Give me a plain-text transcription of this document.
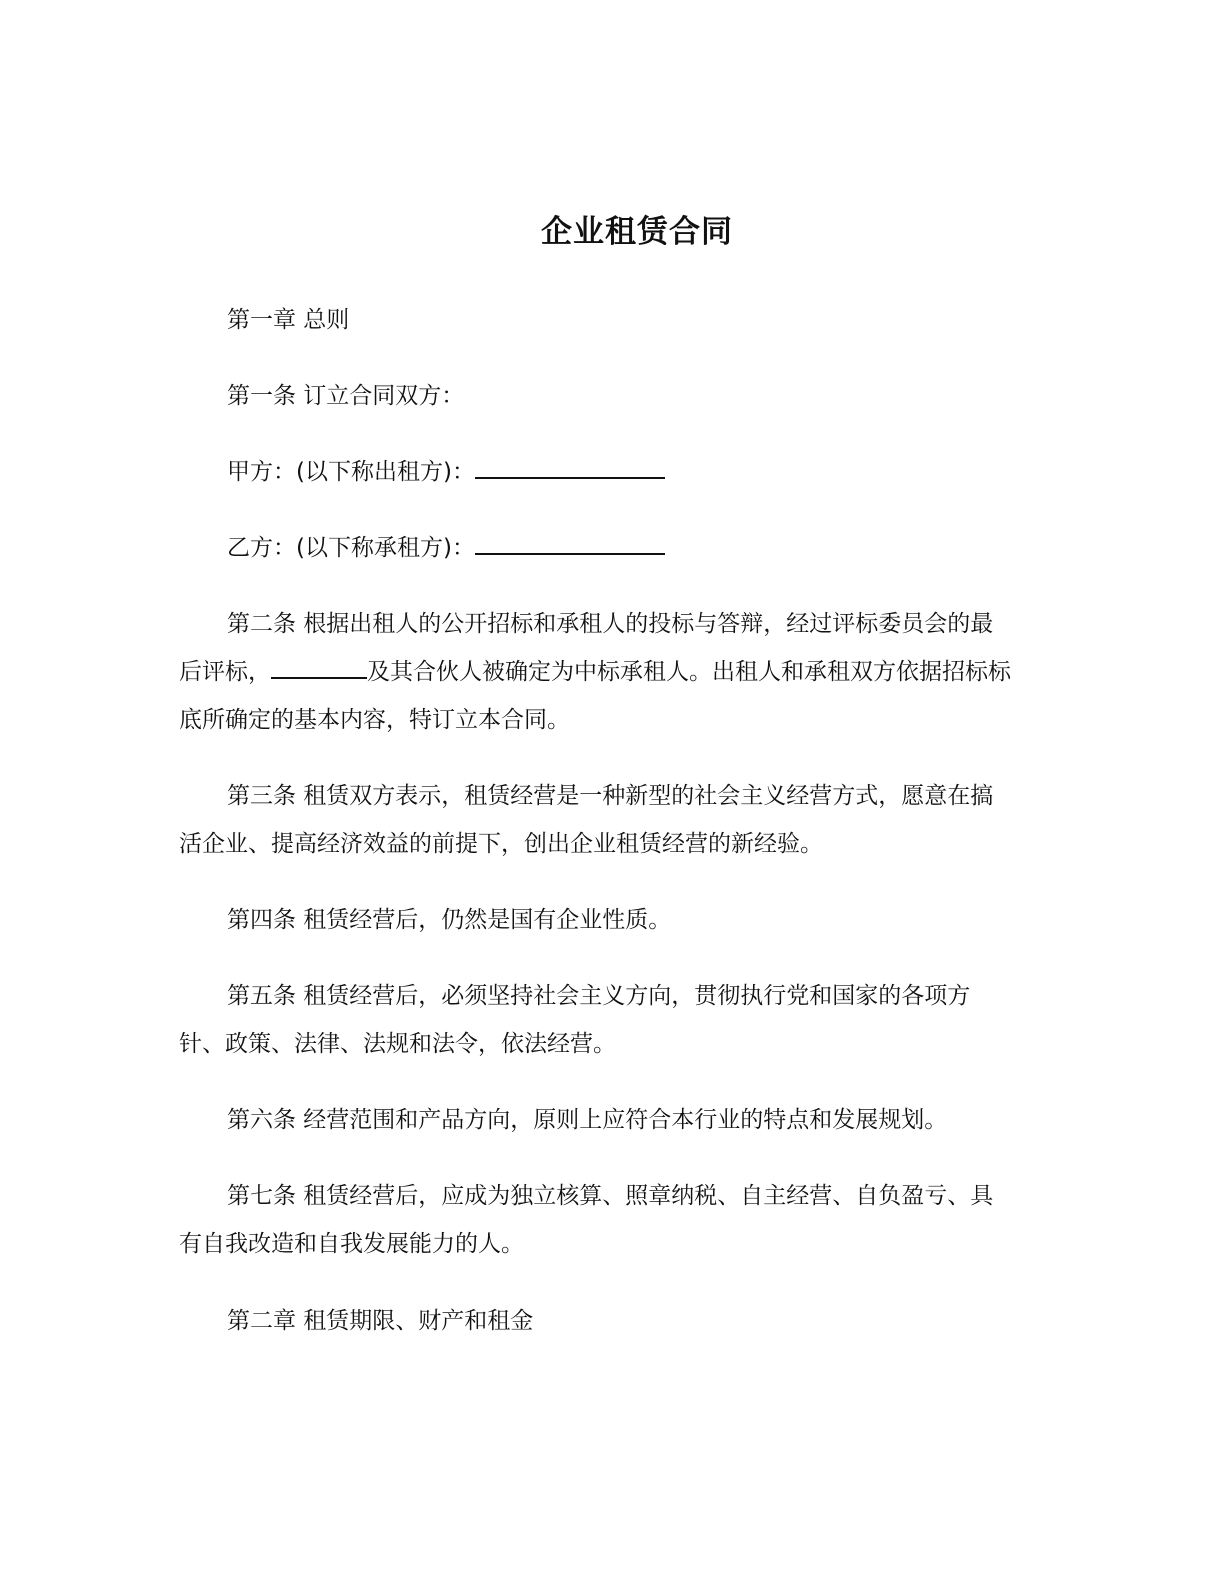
企业租赁合同
第一章 总则
第一条 订立合同双方：
甲方：(以下称出租方)：
乙方：(以下称承租方)：
第二条 根据出租人的公开招标和承租人的投标与答辩，经过评标委员会的最
后评标，	及其合伙人被确定为中标承租人。出租人和承租双方依据招标标
底所确定的基本内容，特订立本合同。
第三条 租赁双方表示，租赁经营是一种新型的社会主义经营方式，愿意在搞
活企业、提高经济效益的前提下，创出企业租赁经营的新经验。
第四条 租赁经营后，仍然是国有企业性质。
第五条 租赁经营后，必须坚持社会主义方向，贯彻执行党和国家的各项方
针、政策、法律、法规和法令，依法经营。
第六条 经营范围和产品方向，原则上应符合本行业的特点和发展规划。
第七条 租赁经营后，应成为独立核算、照章纳税、自主经营、自负盈亏、具
有自我改造和自我发展能力的人。
第二章 租赁期限、财产和租金
